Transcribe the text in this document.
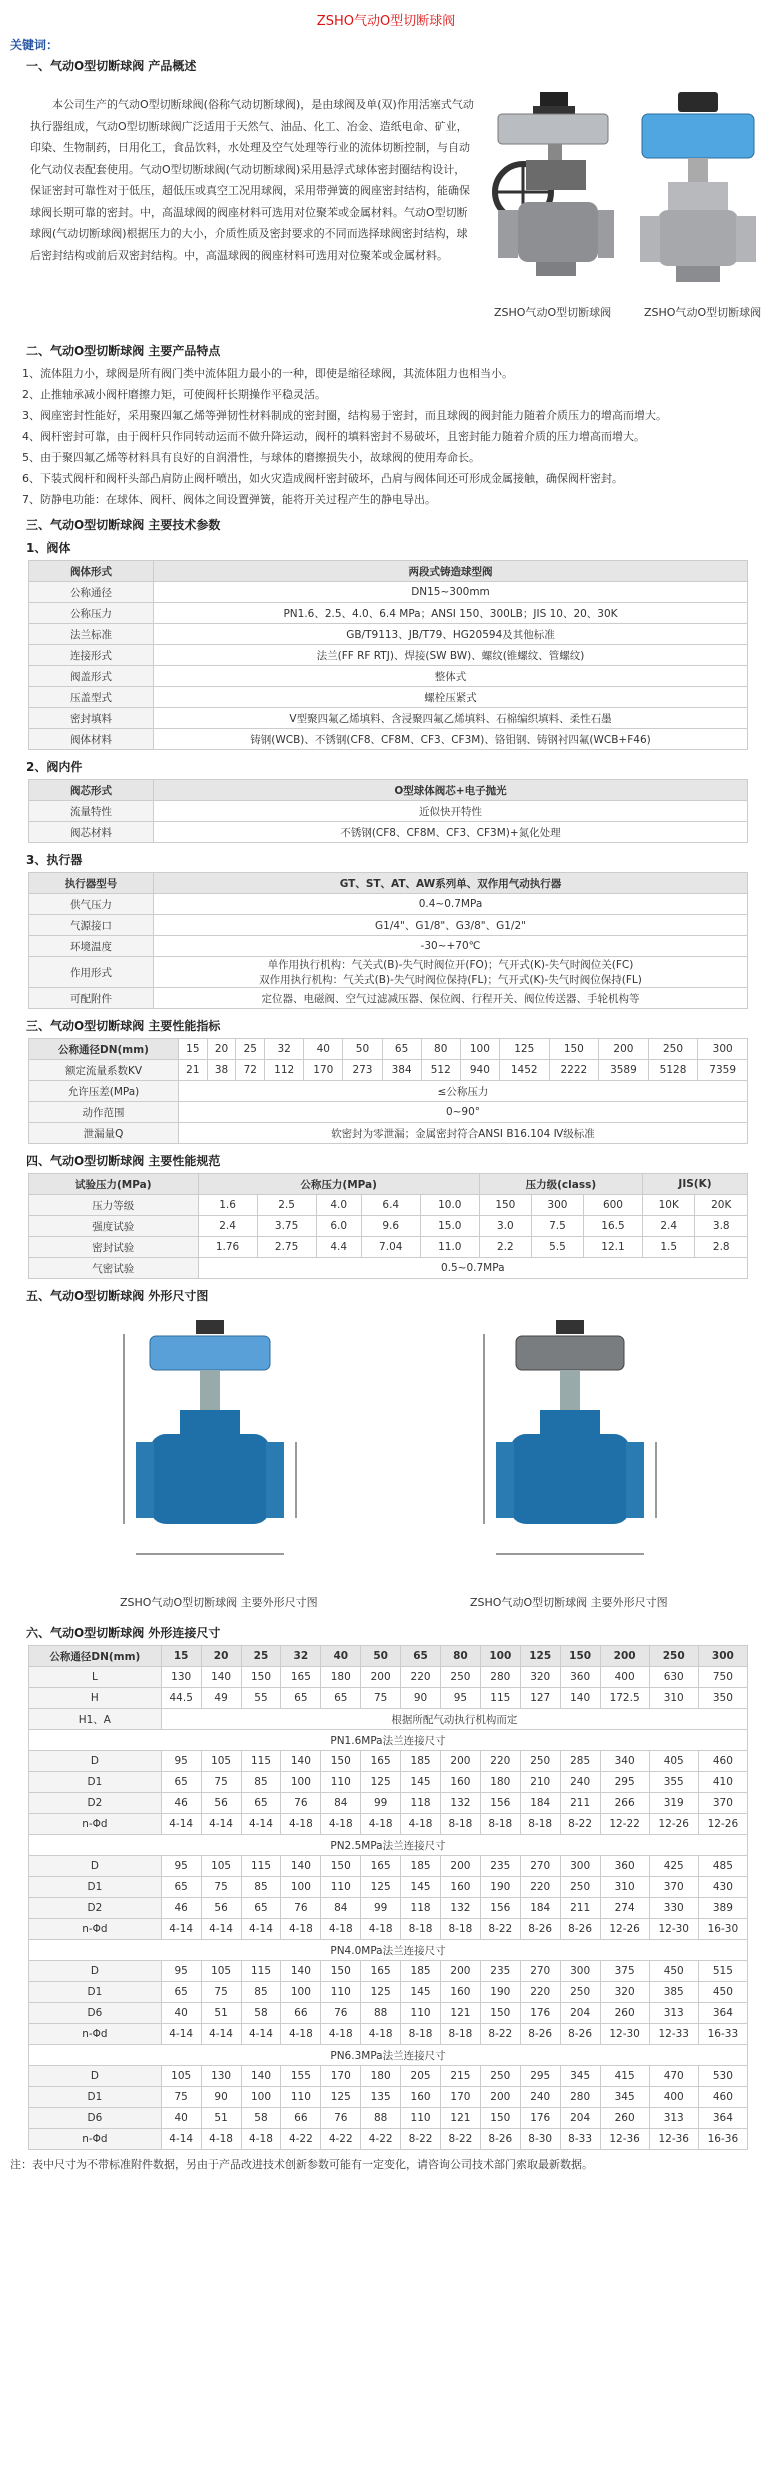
ZSHO气动O型切断球阀
关键词：
一、气动O型切断球阀 产品概述

本公司生产的气动O型切断球阀(俗称气动切断球阀)，是由球阀及单(双)作用活塞式气动执行器组成，气动O型切断球阀广泛适用于天然气、油品、化工、冶金、造纸电命、矿业，印染、生物制药，日用化工，食品饮料，水处理及空气处理等行业的流体切断控制，与自动化气动仪表配套使用。气动O型切断球阀(气动切断球阀)采用悬浮式球体密封圈结构设计，保证密封可靠性对于低压，超低压或真空工况用球阀，采用带弹簧的阀座密封结构，能确保球阀长期可靠的密封。中，高温球阀的阀座材料可选用对位聚苯或金属材料。气动O型切断球阀(气动切断球阀)根据压力的大小，介质性质及密封要求的不同而选择球阀密封结构，球后密封结构或前后双密封结构。中，高温球阀的阀座材料可选用对位聚苯或金属材料。

ZSHO气动O型切断球阀	ZSHO气动O型切断球阀
二、气动O型切断球阀 主要产品特点
1、流体阻力小，球阀是所有阀门类中流体阻力最小的一种，即使是缩径球阀，其流体阻力也相当小。
2、止推轴承减小阀杆磨擦力矩，可使阀杆长期操作平稳灵活。
3、阀座密封性能好，采用聚四氟乙烯等弹韧性材料制成的密封圈，结构易于密封，而且球阀的阀封能力随着介质压力的增高而增大。
4、阀杆密封可靠，由于阀杆只作同转动运而不做升降运动，阀杆的填料密封不易破坏，且密封能力随着介质的压力增高而增大。
5、由于聚四氟乙烯等材料具有良好的自润滑性，与球体的磨擦损失小，故球阀的使用寿命长。
6、下装式阀杆和阀杆头部凸肩防止阀杆喷出，如火灾造成阀杆密封破坏，凸肩与阀体间还可形成金属接触，确保阀杆密封。
7、防静电功能：在球体、阀杆、阀体之间设置弹簧，能将开关过程产生的静电导出。
三、气动O型切断球阀 主要技术参数
1、阀体
阀体形式	两段式铸造球型阀
公称通径	DN15~300mm
公称压力	PN1.6、2.5、4.0、6.4 MPa；ANSI 150、300LB；JIS 10、20、30K
法兰标准	GB/T9113、JB/T79、HG20594及其他标准
连接形式	法兰(FF RF RTJ)、焊接(SW BW)、螺纹(锥螺纹、管螺纹)
阀盖形式	整体式
压盖型式	螺栓压紧式
密封填料	V型聚四氟乙烯填料、含浸聚四氟乙烯填料、石棉编织填料、柔性石墨
阀体材料	铸钢(WCB)、不锈钢(CF8、CF8M、CF3、CF3M)、铬钼钢、铸钢衬四氟(WCB+F46)
2、阀内件
阀芯形式	O型球体阀芯+电子抛光
流量特性	近似快开特性
阀芯材料	不锈钢(CF8、CF8M、CF3、CF3M)+氮化处理
3、执行器
执行器型号	GT、ST、AT、AW系列单、双作用气动执行器
供气压力	0.4~0.7MPa
气源接口	G1/4"、G1/8"、G3/8"、G1/2"
环境温度	-30~+70℃
作用形式	单作用执行机构：气关式(B)-失气时阀位开(FO)；气开式(K)-失气时阀位关(FC)
双作用执行机构：气关式(B)-失气时阀位保持(FL)；气开式(K)-失气时阀位保持(FL)
可配附件	定位器、电磁阀、空气过滤减压器、保位阀、行程开关、阀位传送器、手轮机构等
三、气动O型切断球阀 主要性能指标
公称通径DN(mm)	15	20	25	32	40	50	65	80	100	125	150	200	250	300
额定流量系数KV	21	38	72	112	170	273	384	512	940	1452	2222	3589	5128	7359
允许压差(MPa)	≤公称压力													
动作范围	0~90°													
泄漏量Q	软密封为零泄漏；金属密封符合ANSI B16.104 Ⅳ级标准													
四、气动O型切断球阀 主要性能规范
试验压力(MPa)	公称压力(MPa)					压力级(class)			JIS(K)	
压力等级	1.6	2.5	4.0	6.4	10.0	150	300	600	10K	20K
强度试验	2.4	3.75	6.0	9.6	15.0	3.0	7.5	16.5	2.4	3.8
密封试验	1.76	2.75	4.4	7.04	11.0	2.2	5.5	12.1	1.5	2.8
气密试验	0.5~0.7MPa									
五、气动O型切断球阀 外形尺寸图
ZSHO气动O型切断球阀 主要外形尺寸图	ZSHO气动O型切断球阀 主要外形尺寸图
六、气动O型切断球阀 外形连接尺寸
公称通径DN(mm)	15	20	25	32	40	50	65	80	100	125	150	200	250	300
L	130	140	150	165	180	200	220	250	280	320	360	400	630	750
H	44.5	49	55	65	65	75	90	95	115	127	140	172.5	310	350
H1、A	根据所配气动执行机构而定													
PN1.6MPa法兰连接尺寸														
D	95	105	115	140	150	165	185	200	220	250	285	340	405	460
D1	65	75	85	100	110	125	145	160	180	210	240	295	355	410
D2	46	56	65	76	84	99	118	132	156	184	211	266	319	370
n-Φd	4-14	4-14	4-14	4-18	4-18	4-18	4-18	8-18	8-18	8-18	8-22	12-22	12-26	12-26
PN2.5MPa法兰连接尺寸														
D	95	105	115	140	150	165	185	200	235	270	300	360	425	485
D1	65	75	85	100	110	125	145	160	190	220	250	310	370	430
D2	46	56	65	76	84	99	118	132	156	184	211	274	330	389
n-Φd	4-14	4-14	4-14	4-18	4-18	4-18	8-18	8-18	8-22	8-26	8-26	12-26	12-30	16-30
PN4.0MPa法兰连接尺寸														
D	95	105	115	140	150	165	185	200	235	270	300	375	450	515
D1	65	75	85	100	110	125	145	160	190	220	250	320	385	450
D6	40	51	58	66	76	88	110	121	150	176	204	260	313	364
n-Φd	4-14	4-14	4-14	4-18	4-18	4-18	8-18	8-18	8-22	8-26	8-26	12-30	12-33	16-33
PN6.3MPa法兰连接尺寸														
D	105	130	140	155	170	180	205	215	250	295	345	415	470	530
D1	75	90	100	110	125	135	160	170	200	240	280	345	400	460
D6	40	51	58	66	76	88	110	121	150	176	204	260	313	364
n-Φd	4-14	4-18	4-18	4-22	4-22	4-22	8-22	8-22	8-26	8-30	8-33	12-36	12-36	16-36
注：表中尺寸为不带标准附件数据，另由于产品改进技术创新参数可能有一定变化，请咨询公司技术部门索取最新数据。
